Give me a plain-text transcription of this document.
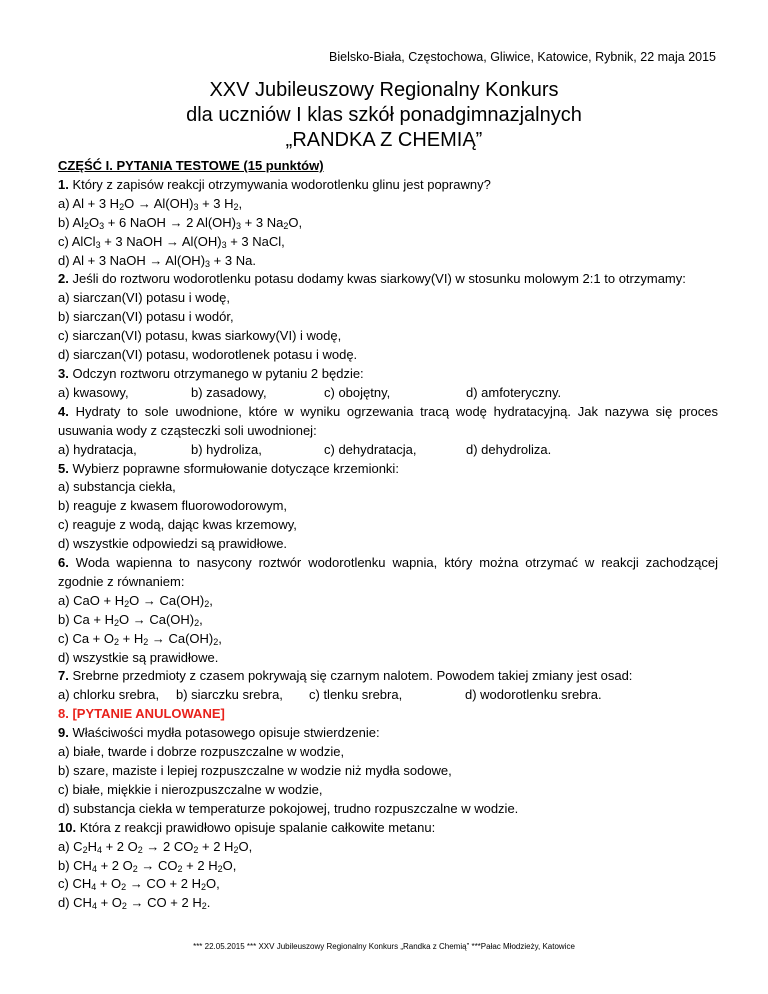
Bielsko-Biała, Częstochowa, Gliwice, Katowice, Rybnik, 22 maja 2015
XXV Jubileuszowy Regionalny Konkurs
dla uczniów I klas szkół ponadgimnazjalnych
„RANDKA Z CHEMIĄ”
CZĘŚĆ I. PYTANIA TESTOWE (15 punktów)
1. Który z zapisów reakcji otrzymywania wodorotlenku glinu jest poprawny?
a) Al + 3 $H_2O \to Al(OH)_3 + 3$ $H_2$,
b) $Al_2O_3 + 6$ NaOH → 2 $Al(OH)_3 + 3$ $Na_2O$,
c) AlCl$_3$ + 3 NaOH → $Al(OH)_3 + 3$ NaCl,
d) Al + 3 NaOH → $Al(OH)_3 + 3$ Na.
2. Jeśli do roztworu wodorotlenku potasu dodamy kwas siarkowy(VI) w stosunku molowym 2:1 to otrzymamy:
a) siarczan(VI) potasu i wodę,
b) siarczan(VI) potasu i wodór,
c) siarczan(VI) potasu, kwas siarkowy(VI) i wodę,
d) siarczan(VI) potasu, wodorotlenek potasu i wodę.
3. Odczyn roztworu otrzymanego w pytaniu 2 będzie:
a) kwasowy,	b) zasadowy,	c) obojętny,	d) amfoteryczny.
4. Hydraty to sole uwodnione, które w wyniku ogrzewania tracą wodę hydratacyjną. Jak nazywa się proces usuwania wody z cząsteczki soli uwodnionej:
a) hydratacja,	b) hydroliza,	c) dehydratacja,	d) dehydroliza.
5. Wybierz poprawne sformułowanie dotyczące krzemionki:
a) substancja ciekła,
b) reaguje z kwasem fluorowodorowym,
c) reaguje z wodą, dając kwas krzemowy,
d) wszystkie odpowiedzi są prawidłowe.
6. Woda wapienna to nasycony roztwór wodorotlenku wapnia, który można otrzymać w reakcji zachodzącej zgodnie z równaniem:
a) CaO + $H_2O \to Ca(OH)_2$,
b) $Ca + H_2O \to Ca(OH)_2$,
c) $Ca + O_2 + H_2 \to Ca(OH)_2$,
d) wszystkie są prawidłowe.
7. Srebrne przedmioty z czasem pokrywają się czarnym nalotem. Powodem takiej zmiany jest osad:
a) chlorku srebra,	b) siarczku srebra,	c) tlenku srebra,	d) wodorotlenku srebra.
8. [PYTANIE ANULOWANE]
9. Właściwości mydła potasowego opisuje stwierdzenie:
a) białe, twarde i dobrze rozpuszczalne w wodzie,
b) szare, maziste i lepiej rozpuszczalne w wodzie niż mydła sodowe,
c) białe, miękkie i nierozpuszczalne w wodzie,
d) substancja ciekła w temperaturze pokojowej, trudno rozpuszczalne w wodzie.
10. Która z reakcji prawidłowo opisuje spalanie całkowite metanu:
a) $C_2H_4 + 2$ $O_2 \to 2$ $CO_2 + 2$ $H_2O$,
b) $CH_4 + 2$ $O_2 \to CO_2 + 2$ $H_2O$,
c) $CH_4 + O_2$ → CO + 2 $H_2O$,
d) $CH_4 + O_2$ → CO + 2 $H_2$.
*** 22.05.2015 *** XXV Jubileuszowy Regionalny Konkurs „Randka z Chemią” ***Pałac Młodzieży, Katowice
